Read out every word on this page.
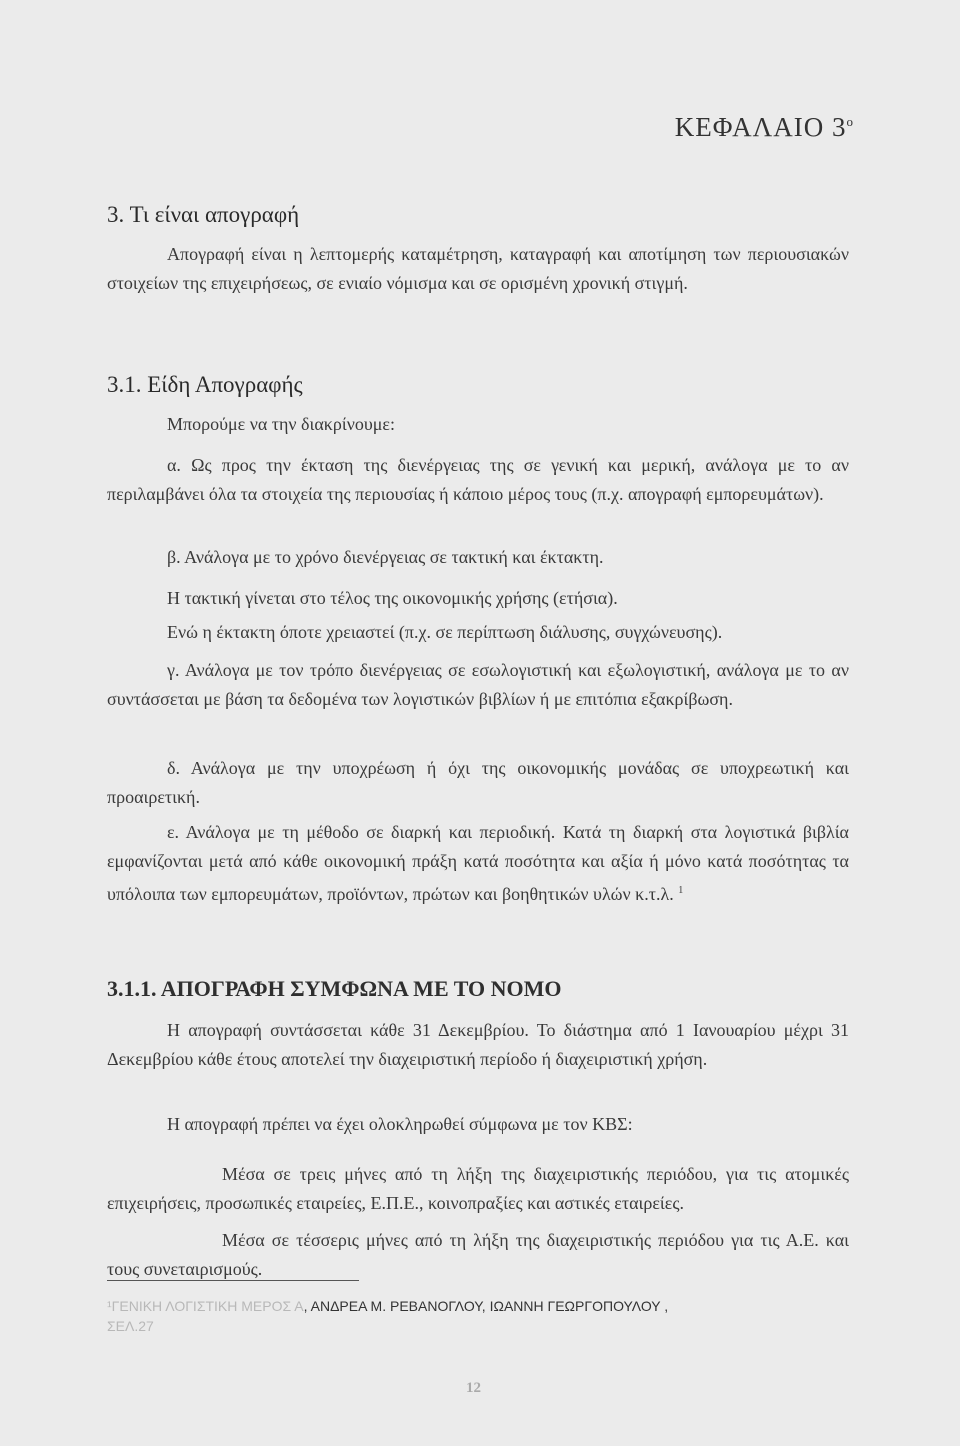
ΚΕΦΑΛΑΙΟ $3^o$
3. Τι είναι απογραφή

Απογραφή είναι η λεπτομερής καταμέτρηση, καταγραφή και αποτίμηση των περιουσιακών στοιχείων της επιχειρήσεως, σε ενιαίο νόμισμα και σε ορισμένη χρονική στιγμή.

3.1. Είδη Απογραφής

Μπορούμε να την διακρίνουμε:

α. Ως προς την έκταση της διενέργειας της σε γενική και μερική, ανάλογα με το αν περιλαμβάνει όλα τα στοιχεία της περιουσίας ή κάποιο μέρος τους (π.χ. απογραφή εμπορευμάτων).

β. Ανάλογα με το χρόνο διενέργειας σε τακτική και έκτακτη.

Η τακτική γίνεται στο τέλος της οικονομικής χρήσης (ετήσια).

Ενώ η έκτακτη όποτε χρειαστεί (π.χ. σε περίπτωση διάλυσης, συγχώνευσης).

γ. Ανάλογα με τον τρόπο διενέργειας σε εσωλογιστική και εξωλογιστική, ανάλογα με το αν συντάσσεται με βάση τα δεδομένα των λογιστικών βιβλίων ή με επιτόπια εξακρίβωση.

δ. Ανάλογα με την υποχρέωση ή όχι της οικονομικής μονάδας σε υποχρεωτική και προαιρετική.

ε. Ανάλογα με τη μέθοδο σε διαρκή και περιοδική. Κατά τη διαρκή στα λογιστικά βιβλία εμφανίζονται μετά από κάθε οικονομική πράξη κατά ποσότητα και αξία ή μόνο κατά ποσότητας τα υπόλοιπα των εμπορευμάτων, προϊόντων, πρώτων και βοηθητικών υλών κ.τ.λ. $^1$

3.1.1. ΑΠΟΓΡΑΦΗ ΣΥΜΦΩΝΑ ΜΕ ΤΟ ΝΟΜΟ

Η απογραφή συντάσσεται κάθε 31 Δεκεμβρίου. Το διάστημα από 1 Ιανουαρίου μέχρι 31 Δεκεμβρίου κάθε έτους αποτελεί την διαχειριστική περίοδο ή διαχειριστική χρήση.

Η απογραφή πρέπει να έχει ολοκληρωθεί σύμφωνα με τον ΚΒΣ:

Μέσα σε τρεις μήνες από τη λήξη της διαχειριστικής περιόδου, για τις ατομικές επιχειρήσεις, προσωπικές εταιρείες, Ε.Π.Ε., κοινοπραξίες και αστικές εταιρείες.

Μέσα σε τέσσερις μήνες από τη λήξη της διαχειριστικής περιόδου για τις Α.Ε. και τους συνεταιρισμούς.

¹ΓΕΝΙΚΗ ΛΟΓΙΣΤΙΚΗ ΜΕΡΟΣ Α, ΑΝΔΡΕΑ Μ. ΡΕΒΑΝΟΓΛΟΥ, ΙΩΑΝΝΗ ΓΕΩΡΓΟΠΟΥΛΟΥ ,
ΣΕΛ.27
12
